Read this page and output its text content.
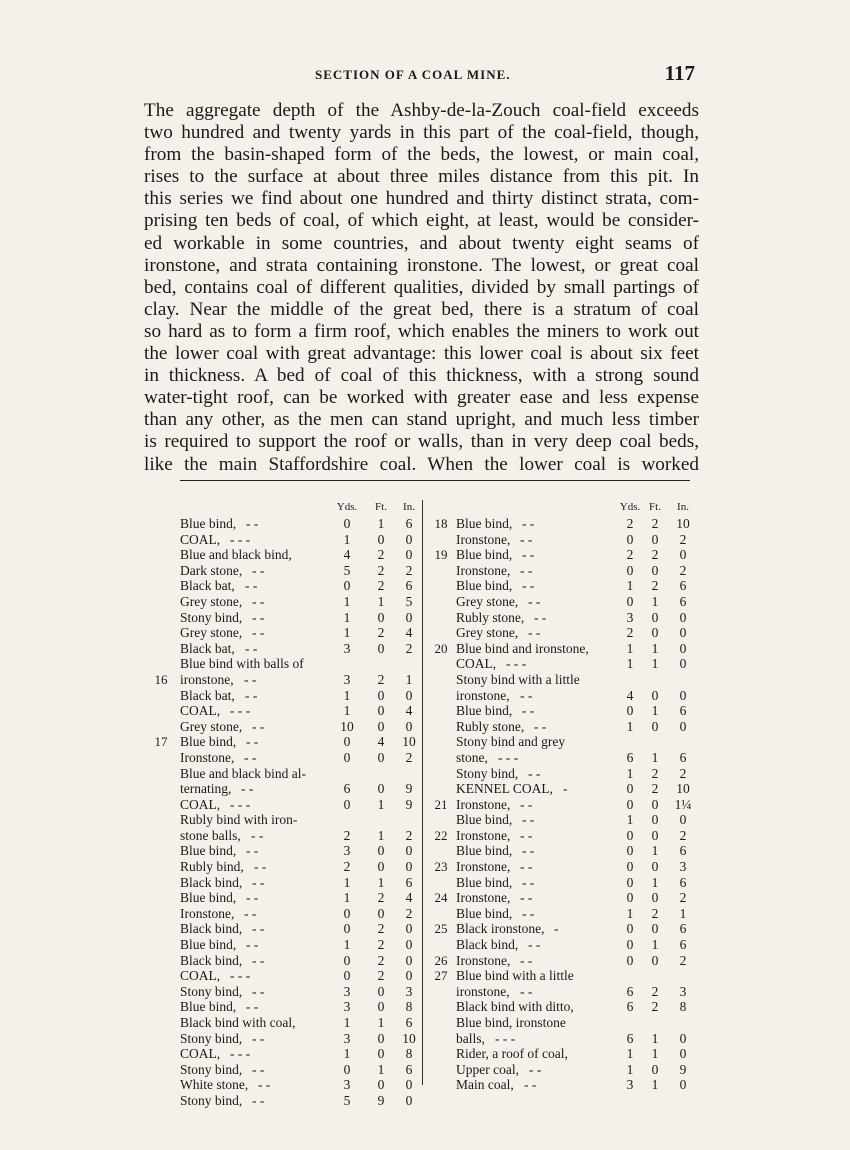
SECTION OF A COAL MINE.	117
The aggregate depth of the Ashby-de-la-Zouch coal-field exceeds
two hundred and twenty yards in this part of the coal-field, though,
from the basin-shaped form of the beds, the lowest, or main coal,
rises to the surface at about three miles distance from this pit. In
this series we find about one hundred and thirty distinct strata, com-
prising ten beds of coal, of which eight, at least, would be consider-
ed workable in some countries, and about twenty eight seams of
ironstone, and strata containing ironstone. The lowest, or great coal
bed, contains coal of different qualities, divided by small partings of
clay. Near the middle of the great bed, there is a stratum of coal
so hard as to form a firm roof, which enables the miners to work out
the lower coal with great advantage: this lower coal is about six feet
in thickness. A bed of coal of this thickness, with a strong sound
water-tight roof, can be worked with greater ease and less expense
than any other, as the men can stand upright, and much less timber
is required to support the roof or walls, than in very deep coal beds,
like the main Staffordshire coal. When the lower coal is worked
Yds.	Ft.	In.
Blue bind, - -	0	1	6
COAL, - - -	1	0	0
Blue and black bind,	4	2	0
Dark stone, - -	5	2	2
Black bat, - -	0	2	6
Grey stone, - -	1	1	5
Stony bind, - -	1	0	0
Grey stone, - -	1	2	4
Black bat, - -	3	0	2
Blue bind with balls of
16 ironstone, - -	3	2	1
Black bat, - -	1	0	0
COAL, - - -	1	0	4
Grey stone, - -	10	0	0
17 Blue bind, - -	0	4	10
Ironstone, - -	0	0	2
Blue and black bind al-
ternating, - -	6	0	9
COAL, - - -	0	1	9
Rubly bind with iron-
stone balls, - -	2	1	2
Blue bind, - -	3	0	0
Rubly bind, - -	2	0	0
Black bind, - -	1	1	6
Blue bind, - -	1	2	4
Ironstone, - -	0	0	2
Black bind, - -	0	2	0
Blue bind, - -	1	2	0
Black bind, - -	0	2	0
COAL, - - -	0	2	0
Stony bind, - -	3	0	3
Blue bind, - -	3	0	8
Black bind with coal,	1	1	6
Stony bind, - -	3	0	10
COAL, - - -	1	0	8
Stony bind, - -	0	1	6
White stone, - -	3	0	0
Stony bind, - -	5	9	0
Yds. Ft.	In.
18 Blue bind, - -	2	2	10
Ironstone, - -	0	0	2
19 Blue bind, - -	2	2	0
Ironstone, - -	0	0	2
Blue bind, - -	1	2	6
Grey stone, - -	0	1	6
Rubly stone, - -	3	0	0
Grey stone, - -	2	0	0
20 Blue bind and ironstone,	1	1	0
COAL, - - -	1	1	0
Stony bind with a little
ironstone, - -	4	0	0
Blue bind, - -	0	1	6
Rubly stone, - -	1	0	0
Stony bind and grey
stone, - - -	6	1	6
Stony bind, - -	1	2	2
KENNEL COAL, -	0	2	10
21 Ironstone, - -	0	0	1¼
Blue bind, - -	1	0	0
22 Ironstone, - -	0	0	2
Blue bind, - -	0	1	6
23 Ironstone, - -	0	0	3
Blue bind, - -	0	1	6
24 Ironstone, - -	0	0	2
Blue bind, - -	1	2	1
25 Black ironstone, -	0	0	6
Black bind, - -	0	1	6
26 Ironstone, - -	0	0	2
27 Blue bind with a little
ironstone, - -	6	2	3
Black bind with ditto,	6	2	8
Blue bind, ironstone
balls, - - -	6	1	0
Rider, a roof of coal,	1	1	0
Upper coal, - -	1	0	9
Main coal, - -	3	1	0
